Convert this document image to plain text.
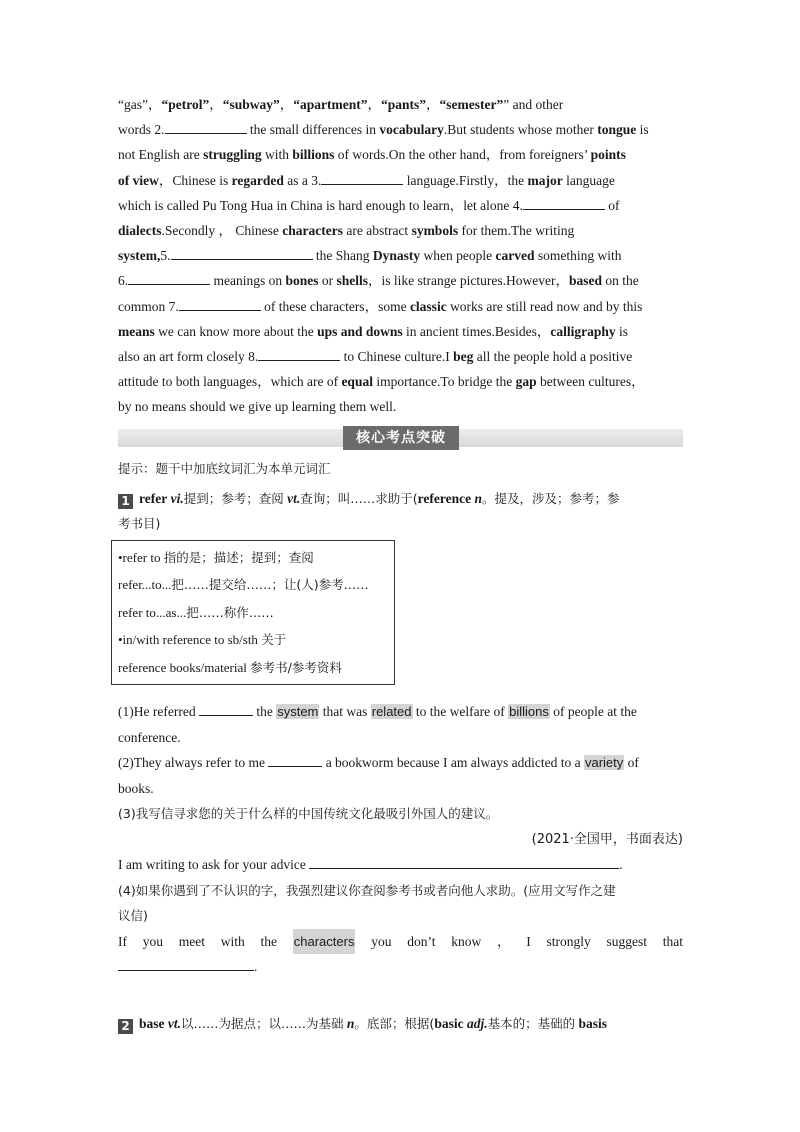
“gas”，“petrol”，“subway”，“apartment”，“pants”，“semester”” and other

words 2.	the small differences in vocabulary.But students whose mother tongue is

not English are struggling with billions of words.On the other hand，from foreigners’ points

of view，Chinese is regarded as a 3.	language.Firstly，the major language

which is called Pu Tong Hua in China is hard enough to learn，let alone 4.	of

dialects.Secondly ， Chinese characters are abstract symbols for them.The writing

system,5.	the Shang Dynasty when people carved something with

6.	meanings on bones or shells，is like strange pictures.However，based on the

common 7.	of these characters，some classic works are still read now and by this

means we can know more about the ups and downs in ancient times.Besides，calligraphy is

also an art form closely 8.	to Chinese culture.I beg all the people hold a positive

attitude to both languages，which are of equal importance.To bridge the gap between cultures，

by no means should we give up learning them well.

核心考点突破

提示：题干中加底纹词汇为本单元词汇

1 refer vi.提到；参考；查阅 vt.查询；叫……求助于(reference n。提及，涉及；参考；参
考书目)

•refer to 指的是；描述；提到；查阅

refer...to...把……提交给……；让(人)参考……

refer to...as...把……称作……

•in/with reference to sb/sth 关于

reference books/material 参考书/参考资料

(1)He referred	the system that was related to the welfare of billions of people at the

conference.

(2)They always refer to me	a bookworm because I am always addicted to a variety of

books.

(3)我写信寻求您的关于什么样的中国传统文化最吸引外国人的建议。

(2021·全国甲，书面表达)

I am writing to ask for your advice	.

(4)如果你遇到了不认识的字，我强烈建议你查阅参考书或者向他人求助。(应用文写作之建

议信)

If you meet with the characters you don’t know ， I strongly suggest that

.

2 base vt.以……为据点；以……为基础 n。底部；根据(basic adj.基本的；基础的 basis
